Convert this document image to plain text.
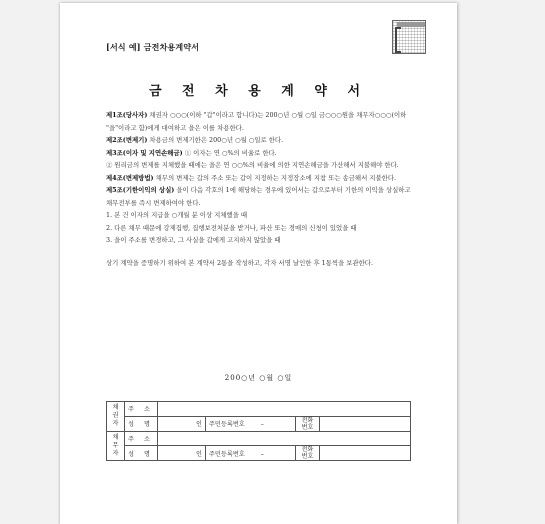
[서식 예] 금전차용계약서
금 전 차 용 계 약 서

제1조(당사자) 채권자 ○○○(이하 "갑"이라고 합니다)는 200○년 ○월 ○일 금○○○원을 채무자○○○(이하 "을"이라고 함)에게 대여하고 을은 이를 차용한다.

제2조(변제기) 차용금의 변제기한은 200○년 ○월 ○일로 한다.

제3조(이자 및 지연손해금) ① 이자는 연 ○%의 비율로 한다.

② 원리금의 변제를 지체했을 때에는 을은 연 ○○%의 비율에 의한 지연손해금을 가산해서 지불해야 한다.

제4조(변제방법) 채무의 변제는 갑의 주소 또는 갑이 지정하는 지정장소에 지참 또는 송금해서 지불한다.

제5조(기한이익의 상실) 을이 다음 각호의 1에 해당하는 경우에 있어서는 갑으로부터 기한의 이익을 상실하고 채무전부를 즉시 변제하여야 한다.

1. 본 건 이자의 지급을 ○개월 분 이상 지체했을 때

2. 다른 채무 때문에 강제집행, 집행보전처분을 받거나, 파산 또는 경매의 신청이 있었을 때

3. 을이 주소를 변경하고, 그 사실을 갑에게 고지하지 않았을 때

상기 계약을 증명하기 위하여 본 계약서 2통을 작성하고, 각자 서명 날인한 후 1통씩을 보관한다.

200○년 ○월 ○일
채
권
자	주 소				
	성 명	인	주민등록번호 –	전화번호	
채
무
자	주 소				
	성 명	인	주민등록번호 –	전화번호	
